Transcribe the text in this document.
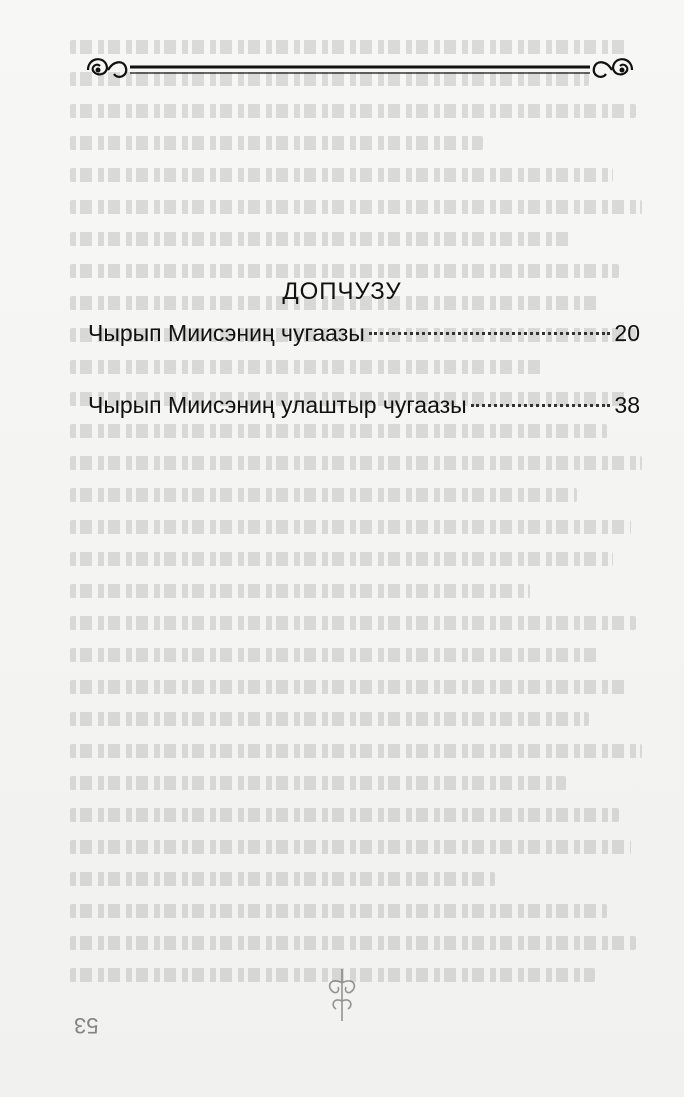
ДОПЧУЗУ
Чырып Миисэниң чугаазы	20
Чырып Миисэниң улаштыр чугаазы	38
53
